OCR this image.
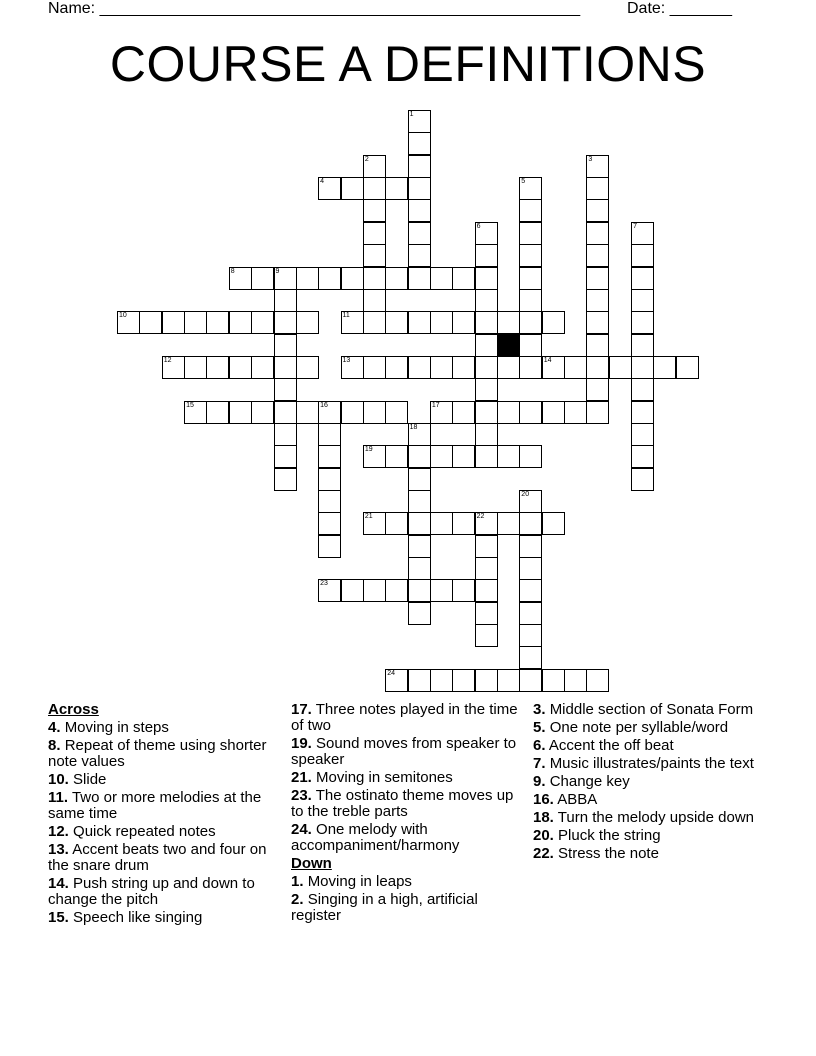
Name: ______________________________________________________	Date: _______
COURSE A DEFINITIONS
1
2	3
4	5
6	7
8	9
10	11
12	13	14
15	16	17
18
19
20
21	22
23
24
Across
4. Moving in steps
8. Repeat of theme using shorter note values
10. Slide
11. Two or more melodies at the same time
12. Quick repeated notes
13. Accent beats two and four on the snare drum
14. Push string up and down to change the pitch
15. Speech like singing
17. Three notes played in the time of two
19. Sound moves from speaker to speaker
21. Moving in semitones
23. The ostinato theme moves up to the treble parts
24. One melody with accompaniment/harmony
Down
1. Moving in leaps
2. Singing in a high, artificial register
3. Middle section of Sonata Form
5. One note per syllable/word
6. Accent the off beat
7. Music illustrates/paints the text
9. Change key
16. ABBA
18. Turn the melody upside down
20. Pluck the string
22. Stress the note
